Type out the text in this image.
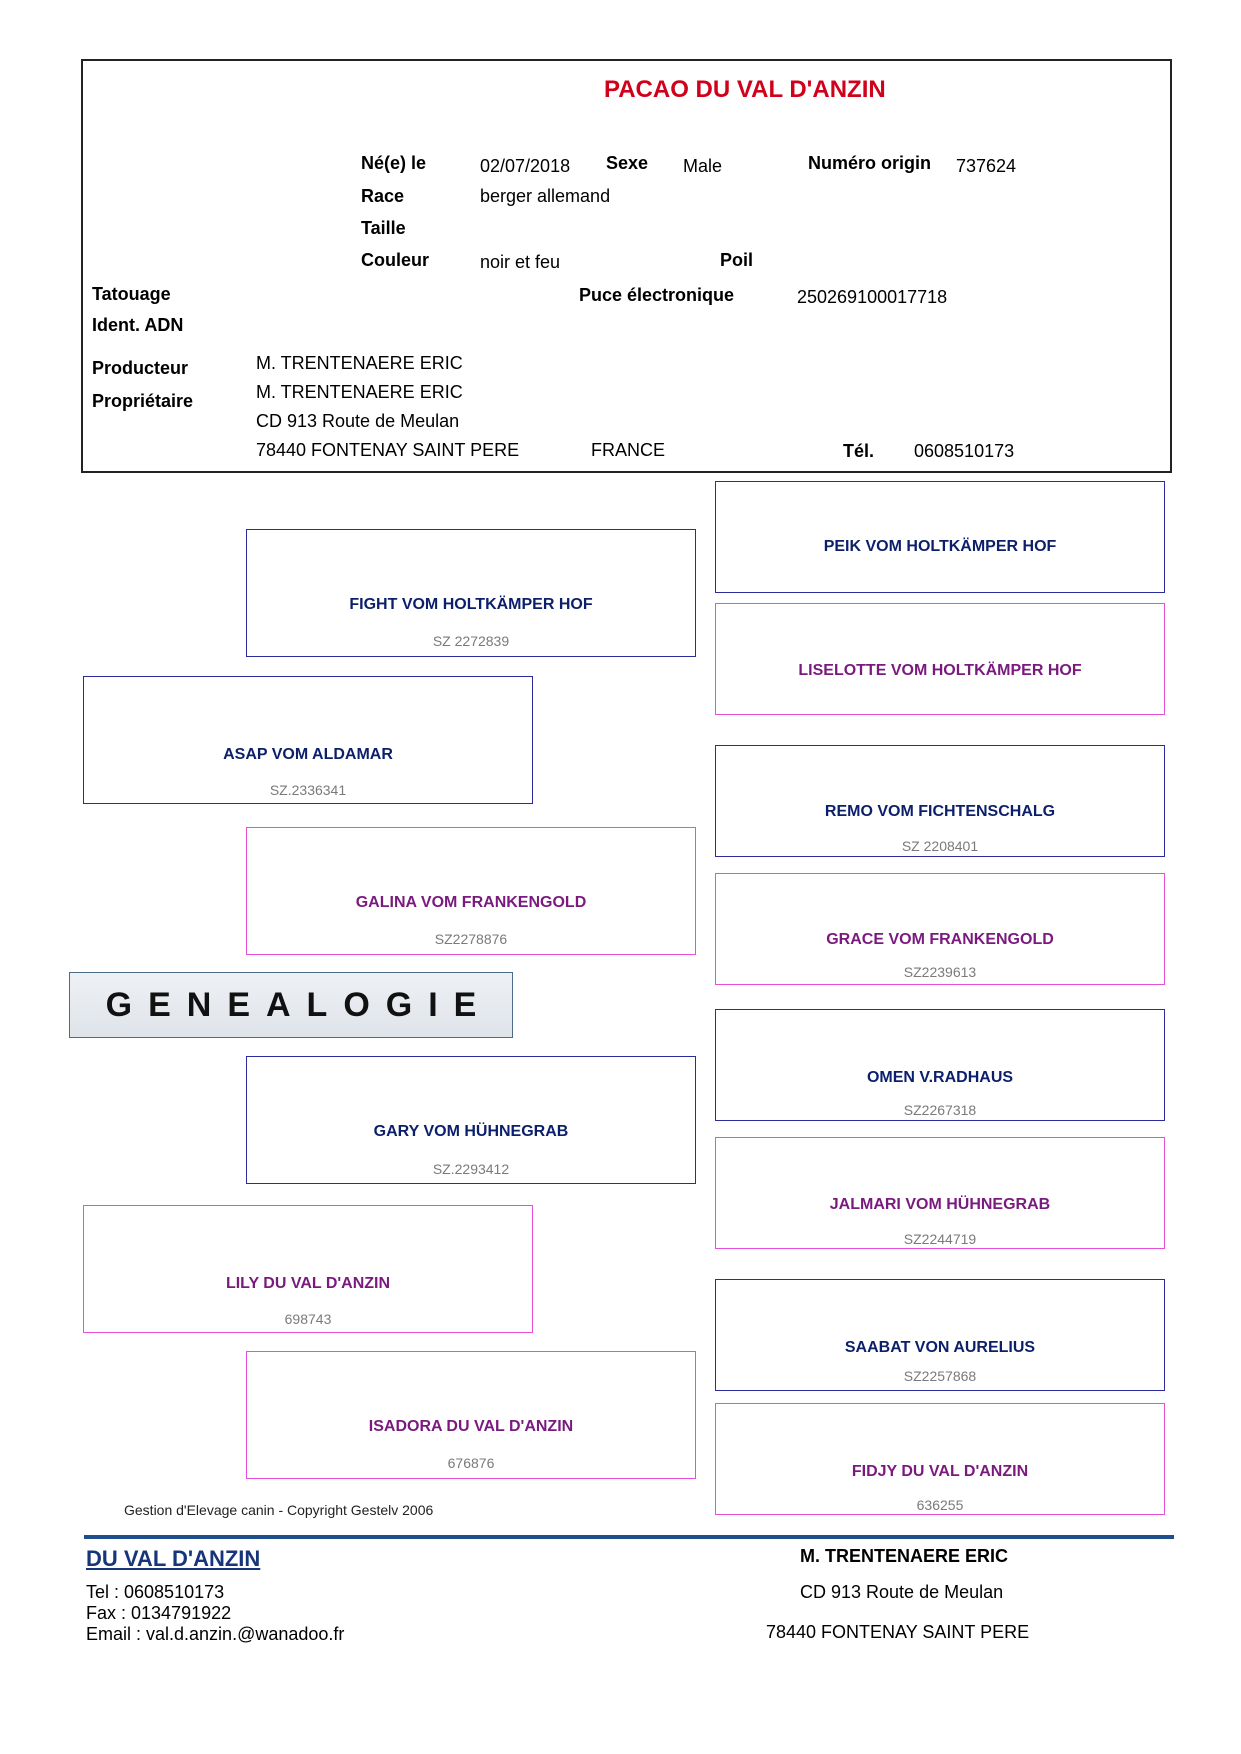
PACAO DU VAL D'ANZIN
Né(e) le	02/07/2018 Sexe Male	Numéro origin 737624
Race	berger allemand
Taille
Couleur	noir et feu	Poil
Tatouage	Puce électronique	250269100017718
Ident. ADN
Producteur	M. TRENTENAERE ERIC
Propriétaire	M. TRENTENAERE ERIC
CD 913 Route de Meulan
78440 FONTENAY SAINT PERE	FRANCE	Tél. 0608510173
ASAP VOM ALDAMAR
SZ.2336341
LILY DU VAL D'ANZIN
698743
FIGHT VOM HOLTKÄMPER HOF
SZ 2272839
GALINA VOM FRANKENGOLD
SZ2278876
GARY VOM HÜHNEGRAB
SZ.2293412
ISADORA DU VAL D'ANZIN
676876
PEIK VOM HOLTKÄMPER HOF
LISELOTTE VOM HOLTKÄMPER HOF
REMO VOM FICHTENSCHALG
SZ 2208401
GRACE VOM FRANKENGOLD
SZ2239613
OMEN V.RADHAUS
SZ2267318
JALMARI VOM HÜHNEGRAB
SZ2244719
SAABAT VON AURELIUS
SZ2257868
FIDJY DU VAL D'ANZIN
636255
GENEALOGIE
Gestion d'Elevage canin - Copyright Gestelv 2006
DU VAL D'ANZIN
Tel : 0608510173
Fax : 0134791922
Email : val.d.anzin.@wanadoo.fr
M. TRENTENAERE ERIC
CD 913 Route de Meulan
78440 FONTENAY SAINT PERE
